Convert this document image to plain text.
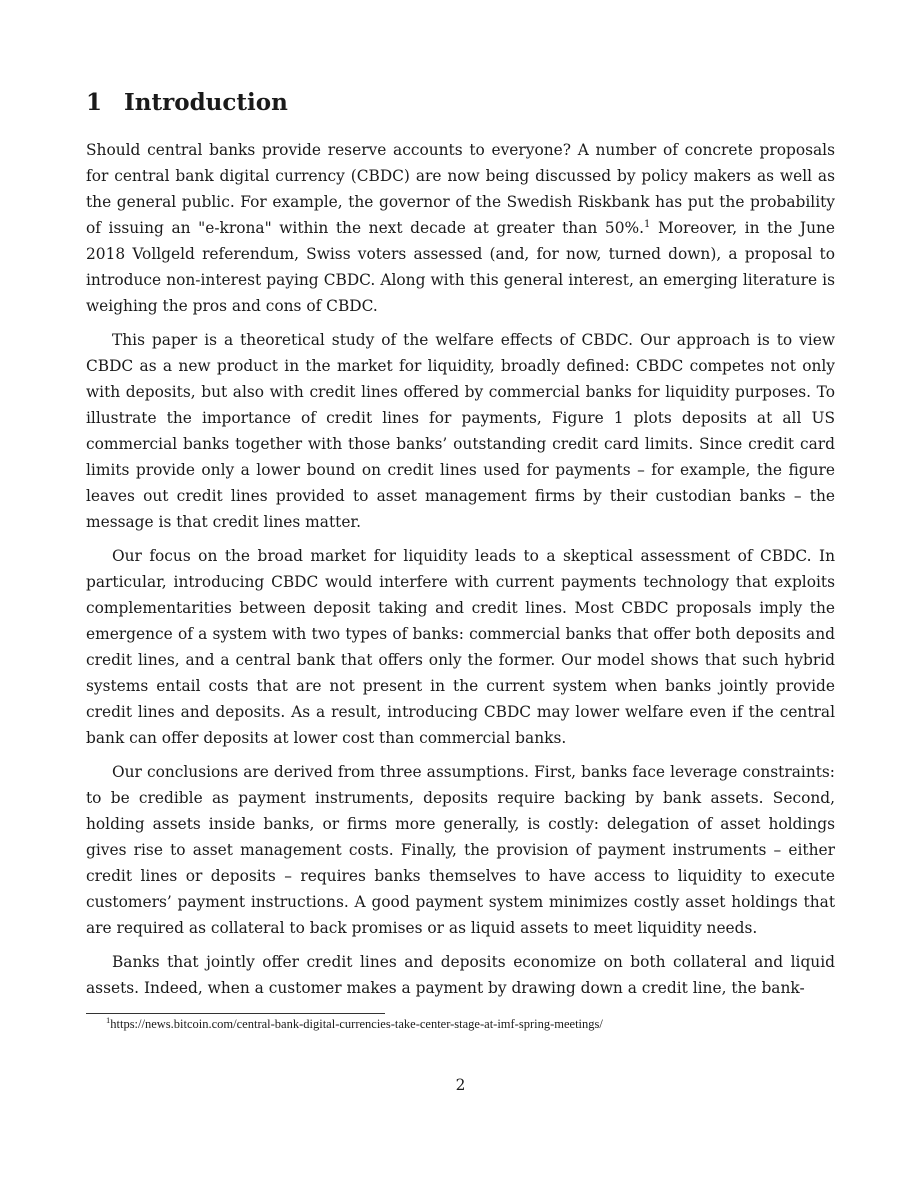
1 Introduction

Should central banks provide reserve accounts to everyone? A number of concrete proposals for central bank digital currency (CBDC) are now being discussed by policy makers as well as the general public. For example, the governor of the Swedish Riskbank has put the probability of issuing an "e-krona" within the next decade at greater than 50%.$^1$ Moreover, in the June 2018 Vollgeld referendum, Swiss voters assessed (and, for now, turned down), a proposal to introduce non-interest paying CBDC. Along with this general interest, an emerging literature is weighing the pros and cons of CBDC.

This paper is a theoretical study of the welfare effects of CBDC. Our approach is to view CBDC as a new product in the market for liquidity, broadly defined: CBDC competes not only with deposits, but also with credit lines offered by commercial banks for liquidity purposes. To illustrate the importance of credit lines for payments, Figure 1 plots deposits at all US commercial banks together with those banks’ outstanding credit card limits. Since credit card limits provide only a lower bound on credit lines used for payments – for example, the figure leaves out credit lines provided to asset management firms by their custodian banks – the message is that credit lines matter.

Our focus on the broad market for liquidity leads to a skeptical assessment of CBDC. In particular, introducing CBDC would interfere with current payments technology that exploits complementarities between deposit taking and credit lines. Most CBDC proposals imply the emergence of a system with two types of banks: commercial banks that offer both deposits and credit lines, and a central bank that offers only the former. Our model shows that such hybrid systems entail costs that are not present in the current system when banks jointly provide credit lines and deposits. As a result, introducing CBDC may lower welfare even if the central bank can offer deposits at lower cost than commercial banks.

Our conclusions are derived from three assumptions. First, banks face leverage constraints: to be credible as payment instruments, deposits require backing by bank assets. Second, holding assets inside banks, or firms more generally, is costly: delegation of asset holdings gives rise to asset management costs. Finally, the provision of payment instruments – either credit lines or deposits – requires banks themselves to have access to liquidity to execute customers’ payment instructions. A good payment system minimizes costly asset holdings that are required as collateral to back promises or as liquid assets to meet liquidity needs.

Banks that jointly offer credit lines and deposits economize on both collateral and liquid assets. Indeed, when a customer makes a payment by drawing down a credit line, the bank-

$^1$https://news.bitcoin.com/central-bank-digital-currencies-take-center-stage-at-imf-spring-meetings/
2
